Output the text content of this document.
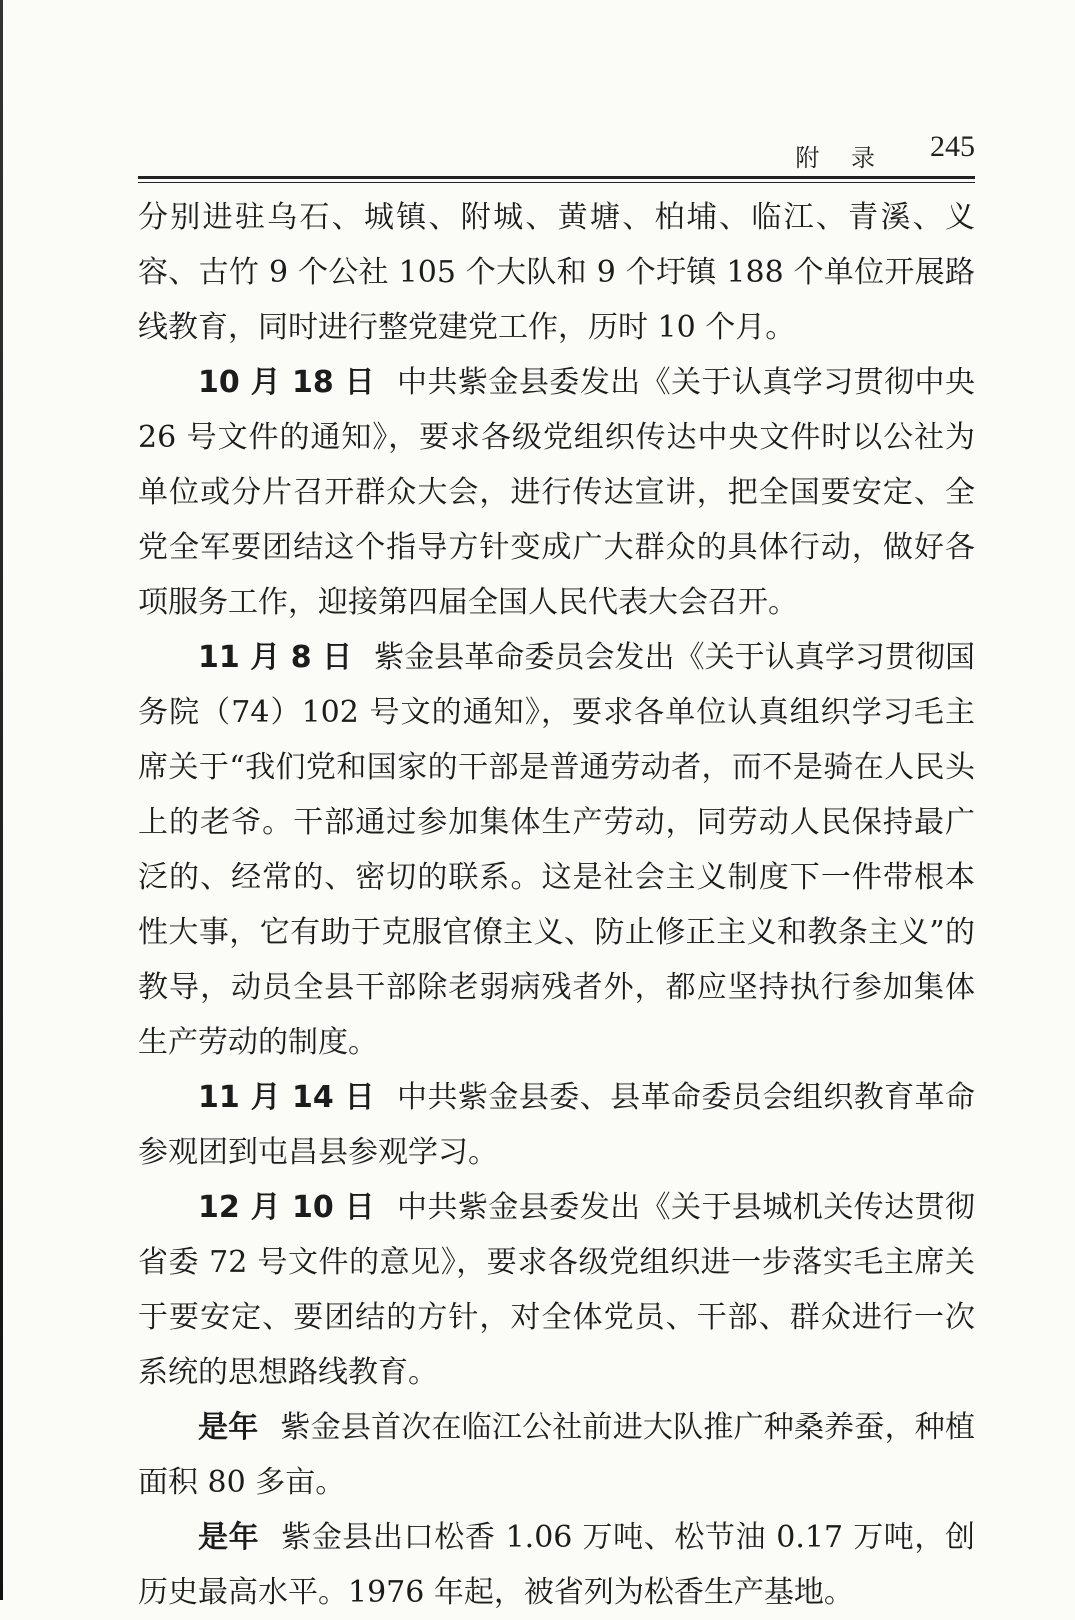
附 录 245

分别进驻乌石、城镇、附城、黄塘、柏埔、临江、青溪、义容、古竹 9 个公社 105 个大队和 9 个圩镇 188 个单位开展路线教育，同时进行整党建党工作，历时 10 个月。

10 月 18 日 中共紫金县委发出《关于认真学习贯彻中央 26 号文件的通知》，要求各级党组织传达中央文件时以公社为单位或分片召开群众大会，进行传达宣讲，把全国要安定、全党全军要团结这个指导方针变成广大群众的具体行动，做好各项服务工作，迎接第四届全国人民代表大会召开。

11 月 8 日 紫金县革命委员会发出《关于认真学习贯彻国务院（74）102 号文的通知》，要求各单位认真组织学习毛主席关于“我们党和国家的干部是普通劳动者，而不是骑在人民头上的老爷。干部通过参加集体生产劳动，同劳动人民保持最广泛的、经常的、密切的联系。这是社会主义制度下一件带根本性大事，它有助于克服官僚主义、防止修正主义和教条主义”的教导，动员全县干部除老弱病残者外，都应坚持执行参加集体生产劳动的制度。

11 月 14 日 中共紫金县委、县革命委员会组织教育革命参观团到屯昌县参观学习。

12 月 10 日 中共紫金县委发出《关于县城机关传达贯彻省委 72 号文件的意见》，要求各级党组织进一步落实毛主席关于要安定、要团结的方针，对全体党员、干部、群众进行一次系统的思想路线教育。

是年 紫金县首次在临江公社前进大队推广种桑养蚕，种植面积 80 多亩。

是年 紫金县出口松香 1.06 万吨、松节油 0.17 万吨，创历史最高水平。1976 年起，被省列为松香生产基地。
